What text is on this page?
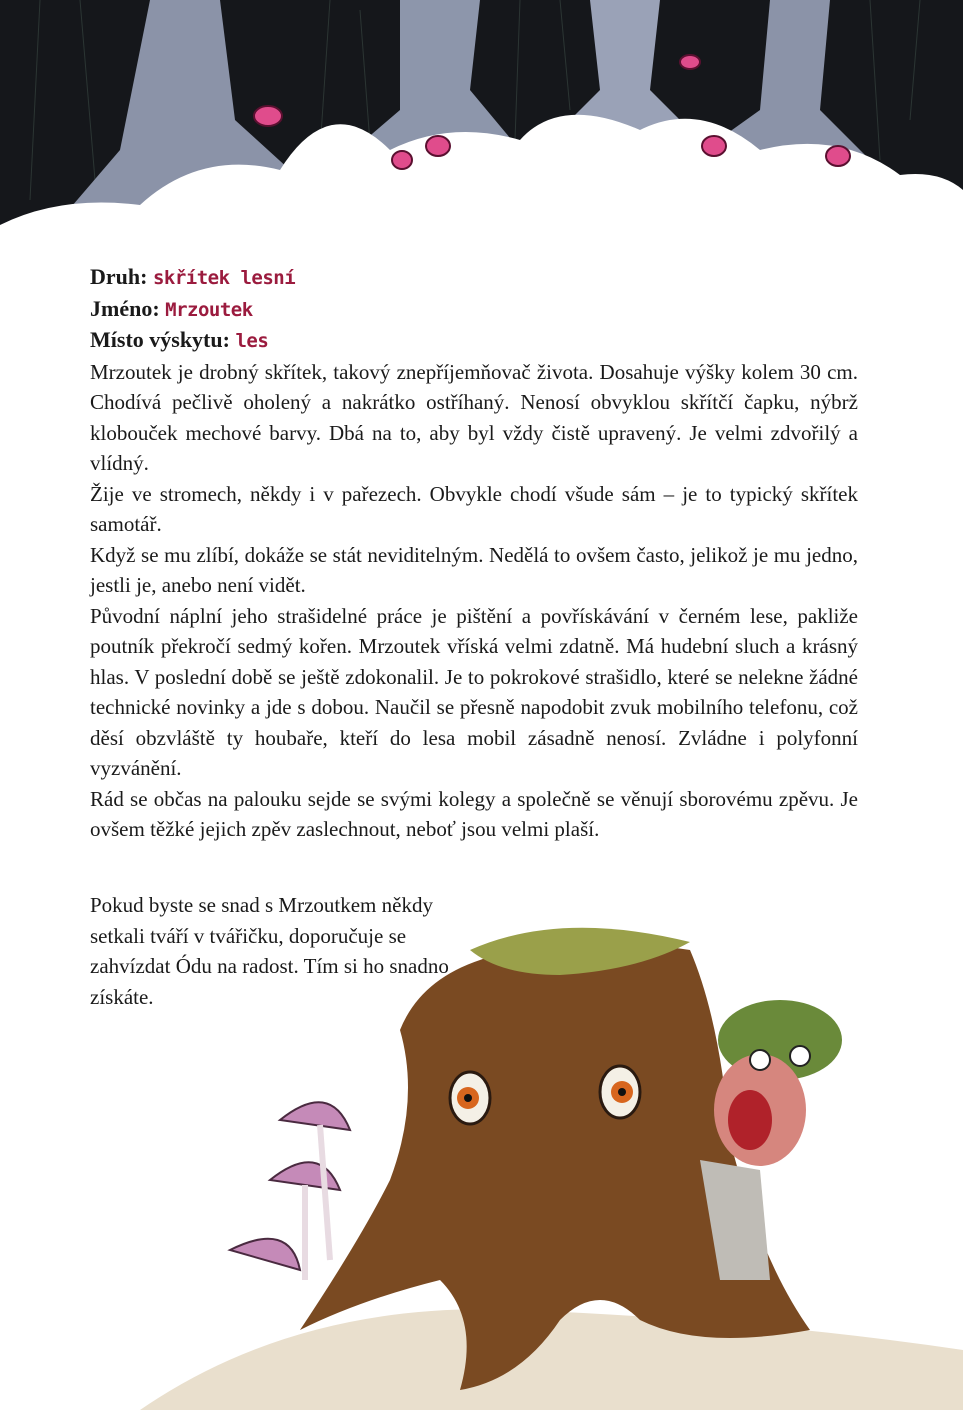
Druh: skřítek lesní

Jméno: Mrzoutek

Místo výskytu: les

Mrzoutek je drobný skřítek, takový znepříjemňovač života. Dosahuje výšky kolem 30 cm. Chodívá pečlivě oholený a nakrátko ostříhaný. Nenosí obvyklou skřítčí čapku, nýbrž klobouček mechové barvy. Dbá na to, aby byl vždy čistě upravený. Je velmi zdvořilý a vlídný.

Žije ve stromech, někdy i v pařezech. Obvykle chodí všude sám – je to typický skřítek samotář.

Když se mu zlíbí, dokáže se stát neviditelným. Nedělá to ovšem často, jelikož je mu jedno, jestli je, anebo není vidět.

Původní náplní jeho strašidelné práce je pištění a povřískávání v černém lese, pakliže poutník překročí sedmý kořen. Mrzoutek vříská velmi zdatně. Má hudební sluch a krásný hlas. V poslední době se ještě zdokonalil. Je to pokrokové strašidlo, které se nelekne žádné technické novinky a jde s dobou. Naučil se přesně napodobit zvuk mobilního telefonu, což děsí obzvláště ty houbaře, kteří do lesa mobil zásadně nenosí. Zvládne i polyfonní vyzvánění.

Rád se občas na palouku sejde se svými kolegy a společně se věnují sborovému zpěvu. Je ovšem těžké jejich zpěv zaslechnout, neboť jsou velmi plaší.

Pokud byste se snad s Mrzoutkem někdy setkali tváří v tvářičku, doporučuje se zahvízdat Ódu na radost. Tím si ho snadno získáte.
